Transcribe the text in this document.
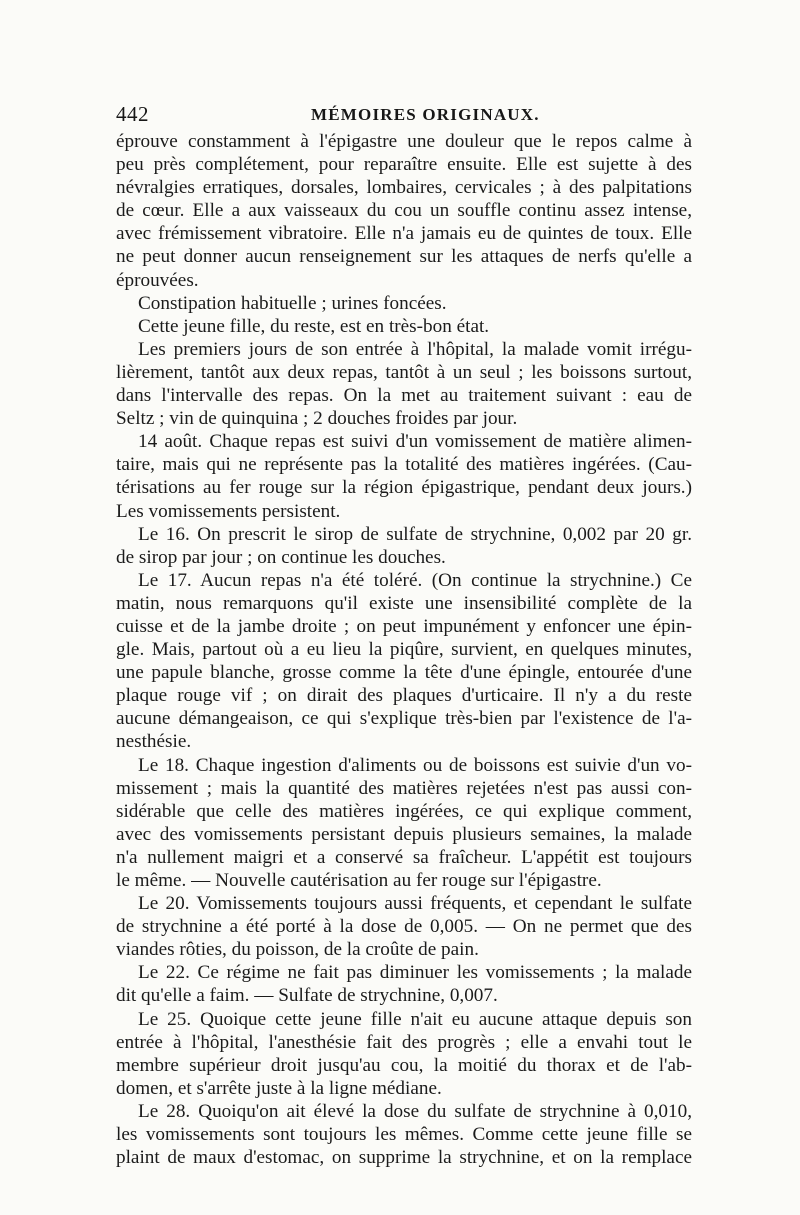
442	MÉMOIRES ORIGINAUX.
éprouve constamment à l'épigastre une douleur que le repos calme à
peu près complétement, pour reparaître ensuite. Elle est sujette à des
névralgies erratiques, dorsales, lombaires, cervicales ; à des palpitations
de cœur. Elle a aux vaisseaux du cou un souffle continu assez intense,
avec frémissement vibratoire. Elle n'a jamais eu de quintes de toux. Elle
ne peut donner aucun renseignement sur les attaques de nerfs qu'elle a
éprouvées.
Constipation habituelle ; urines foncées.
Cette jeune fille, du reste, est en très-bon état.
Les premiers jours de son entrée à l'hôpital, la malade vomit irrégu-
lièrement, tantôt aux deux repas, tantôt à un seul ; les boissons surtout,
dans l'intervalle des repas. On la met au traitement suivant : eau de
Seltz ; vin de quinquina ; 2 douches froides par jour.
14 août. Chaque repas est suivi d'un vomissement de matière alimen-
taire, mais qui ne représente pas la totalité des matières ingérées. (Cau-
térisations au fer rouge sur la région épigastrique, pendant deux jours.)
Les vomissements persistent.
Le 16. On prescrit le sirop de sulfate de strychnine, 0,002 par 20 gr.
de sirop par jour ; on continue les douches.
Le 17. Aucun repas n'a été toléré. (On continue la strychnine.) Ce
matin, nous remarquons qu'il existe une insensibilité complète de la
cuisse et de la jambe droite ; on peut impunément y enfoncer une épin-
gle. Mais, partout où a eu lieu la piqûre, survient, en quelques minutes,
une papule blanche, grosse comme la tête d'une épingle, entourée d'une
plaque rouge vif ; on dirait des plaques d'urticaire. Il n'y a du reste
aucune démangeaison, ce qui s'explique très-bien par l'existence de l'a-
nesthésie.
Le 18. Chaque ingestion d'aliments ou de boissons est suivie d'un vo-
missement ; mais la quantité des matières rejetées n'est pas aussi con-
sidérable que celle des matières ingérées, ce qui explique comment,
avec des vomissements persistant depuis plusieurs semaines, la malade
n'a nullement maigri et a conservé sa fraîcheur. L'appétit est toujours
le même. — Nouvelle cautérisation au fer rouge sur l'épigastre.
Le 20. Vomissements toujours aussi fréquents, et cependant le sulfate
de strychnine a été porté à la dose de 0,005. — On ne permet que des
viandes rôties, du poisson, de la croûte de pain.
Le 22. Ce régime ne fait pas diminuer les vomissements ; la malade
dit qu'elle a faim. — Sulfate de strychnine, 0,007.
Le 25. Quoique cette jeune fille n'ait eu aucune attaque depuis son
entrée à l'hôpital, l'anesthésie fait des progrès ; elle a envahi tout le
membre supérieur droit jusqu'au cou, la moitié du thorax et de l'ab-
domen, et s'arrête juste à la ligne médiane.
Le 28. Quoiqu'on ait élevé la dose du sulfate de strychnine à 0,010,
les vomissements sont toujours les mêmes. Comme cette jeune fille se
plaint de maux d'estomac, on supprime la strychnine, et on la remplace
